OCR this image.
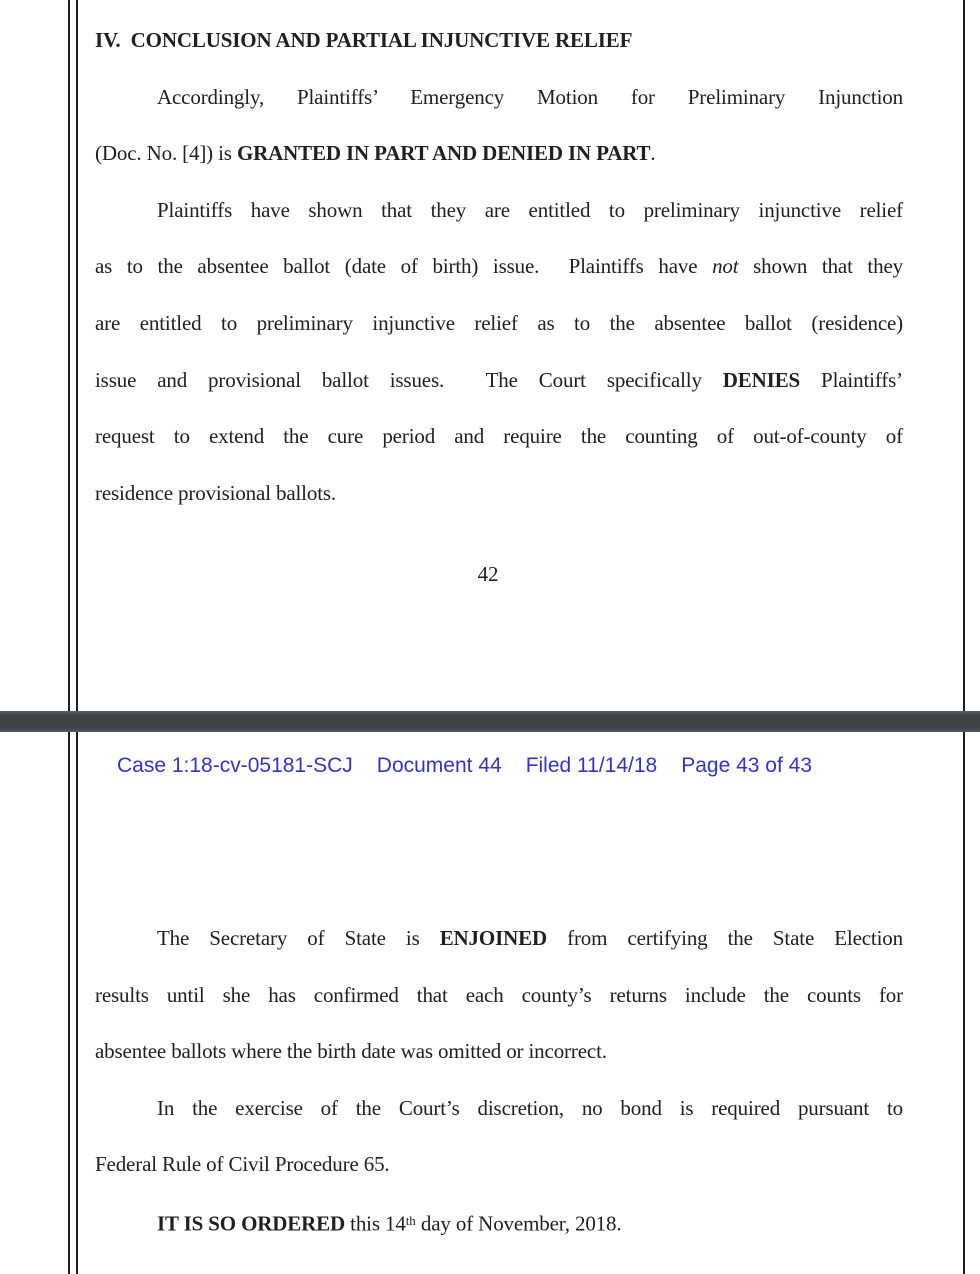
IV.  CONCLUSION AND PARTIAL INJUNCTIVE RELIEF
Accordingly, Plaintiffs’ Emergency Motion for Preliminary Injunction
(Doc. No. [4]) is GRANTED IN PART AND DENIED IN PART.
Plaintiffs have shown that they are entitled to preliminary injunctive relief
as to the absentee ballot (date of birth) issue.  Plaintiffs have not shown that they
are entitled to preliminary injunctive relief as to the absentee ballot (residence)
issue and provisional ballot issues.  The Court specifically DENIES Plaintiffs’
request to extend the cure period and require the counting of out-of-county of
residence provisional ballots.
42
The Secretary of State is ENJOINED from certifying the State Election
results until she has confirmed that each county’s returns include the counts for
absentee ballots where the birth date was omitted or incorrect.
In the exercise of the Court’s discretion, no bond is required pursuant to
Federal Rule of Civil Procedure 65.
IT IS SO ORDERED this 14th day of November, 2018.
Case 1:18-cv-05181-SCJ Document 44 Filed 11/14/18 Page 43 of 43
